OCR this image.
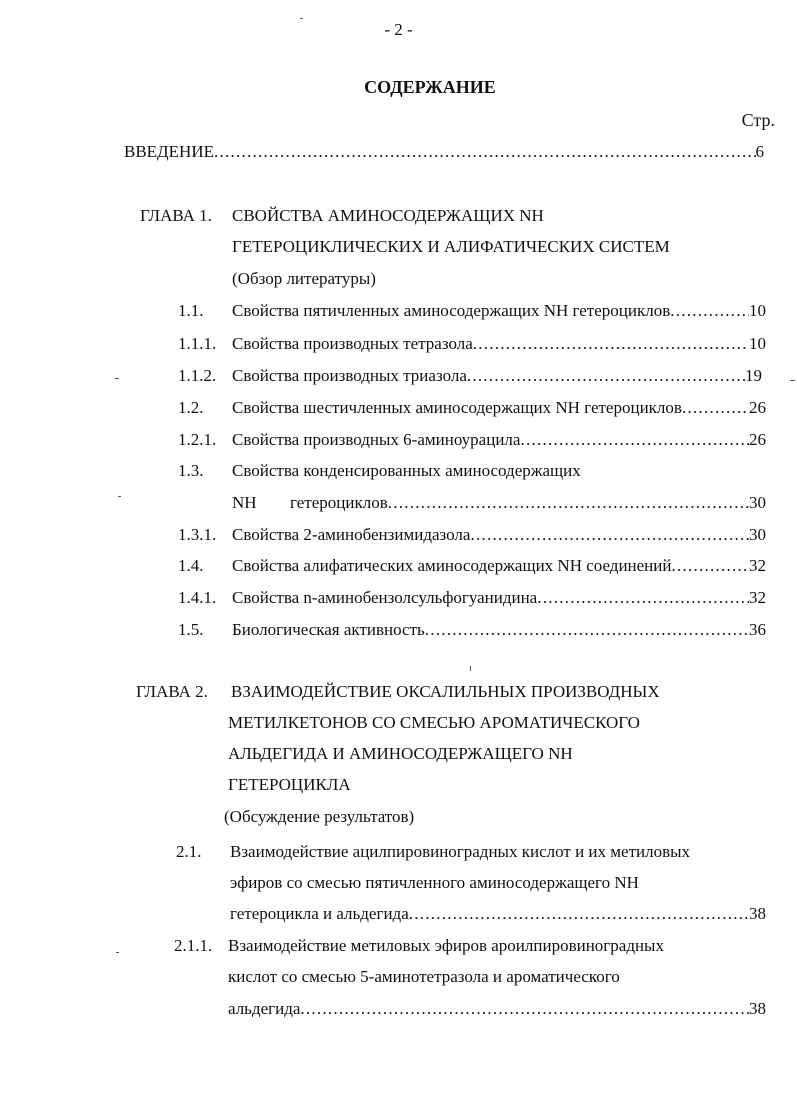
- 2 -
СОДЕРЖАНИЕ
Стр.
ВВЕДЕНИЕ . . .	6
ГЛАВА 1. СВОЙСТВА АМИНОСОДЕРЖАЩИХ NH
ГЕТЕРОЦИКЛИЧЕСКИХ И АЛИФАТИЧЕСКИХ СИСТЕМ
(Обзор литературы)
1.1. Свойства пятичленных аминосодержащих NH гетероциклов . . .	10
1.1.1. Свойства производных тетразола . . .	10
1.1.2. Свойства производных триазола . . .	19
1.2. Свойства шестичленных аминосодержащих NH гетероциклов . . .	26
1.2.1. Свойства производных 6-аминоурацила . . .	26
1.3. Свойства конденсированных аминосодержащих
NH гетероциклов . . .	30
1.3.1. Свойства 2-аминобензимидазола . . .	30
1.4. Свойства алифатических аминосодержащих NH соединений . . .	32
1.4.1. Свойства n-аминобензолсульфогуанидина . . .	32
1.5. Биологическая активность . . .	36
ГЛАВА 2. ВЗАИМОДЕЙСТВИЕ ОКСАЛИЛЬНЫХ ПРОИЗВОДНЫХ
МЕТИЛКЕТОНОВ СО СМЕСЬЮ АРОМАТИЧЕСКОГО
АЛЬДЕГИДА И АМИНОСОДЕРЖАЩЕГО NH
ГЕТЕРОЦИКЛА
(Обсуждение результатов)
2.1. Взаимодействие ацилпировиноградных кислот и их метиловых
эфиров со смесью пятичленного аминосодержащего NH
гетероцикла и альдегида . . .	38
2.1.1. Взаимодействие метиловых эфиров ароилпировиноградных
кислот со смесью 5-аминотетразола и ароматического
альдегида . . .	38
